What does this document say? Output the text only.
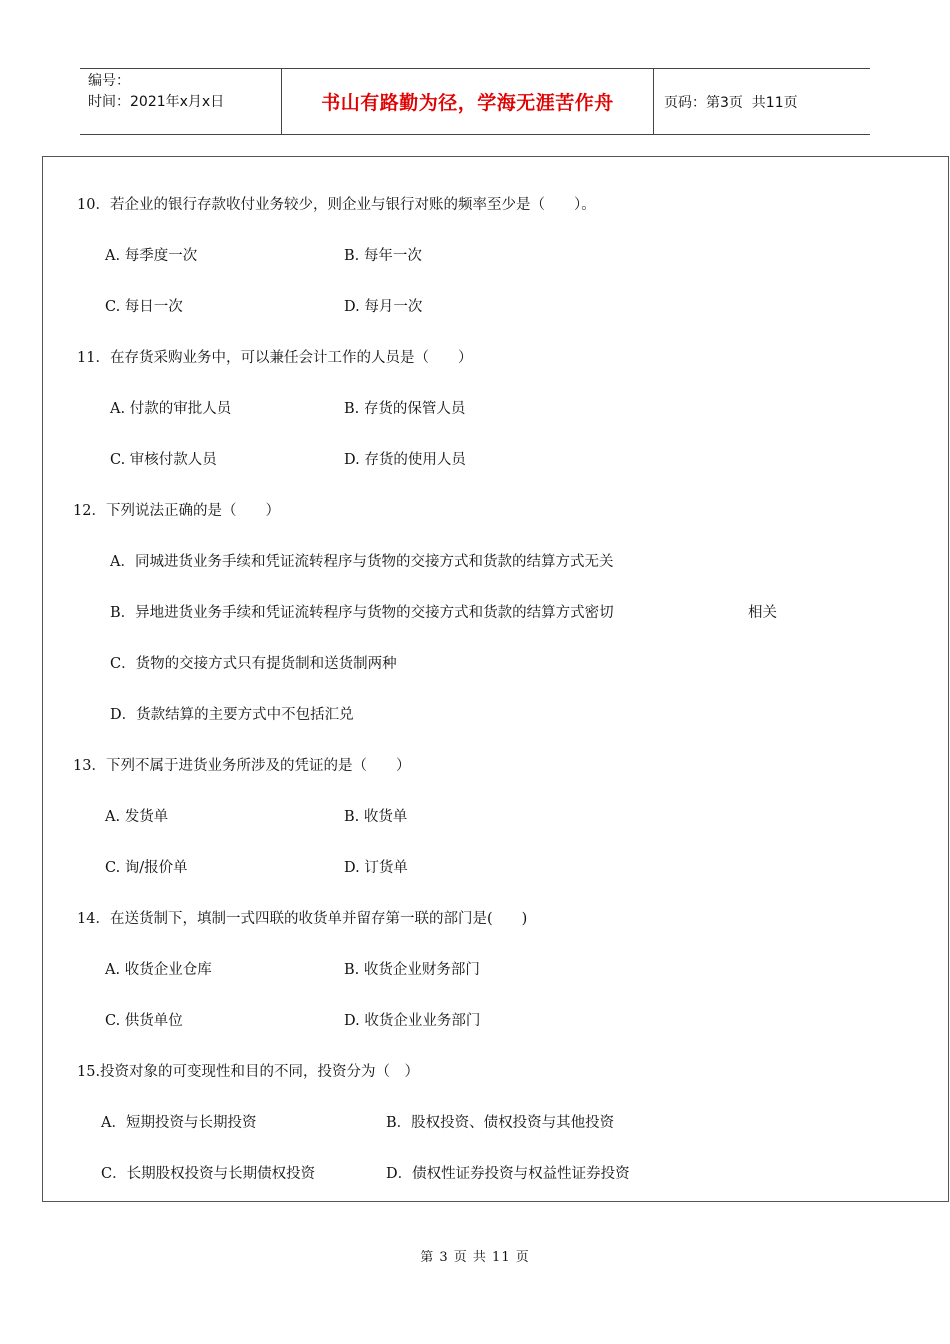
编号：
时间：2021年x月x日	书山有路勤为径，学海无涯苦作舟	页码：第3页  共11页
10．若企业的银行存款收付业务较少，则企业与银行对账的频率至少是（　　）。
A. 每季度一次	B. 每年一次
C. 每日一次	D. 每月一次
11．在存货采购业务中，可以兼任会计工作的人员是（　　）
A. 付款的审批人员	B. 存货的保管人员
C. 审核付款人员	D. 存货的使用人员
12．下列说法正确的是（　　）
A．同城进货业务手续和凭证流转程序与货物的交接方式和货款的结算方式无关
B．异地进货业务手续和凭证流转程序与货物的交接方式和货款的结算方式密切	相关
C．货物的交接方式只有提货制和送货制两种
D．货款结算的主要方式中不包括汇兑
13．下列不属于进货业务所涉及的凭证的是（　　）
A. 发货单	B. 收货单
C. 询/报价单	D. 订货单
14．在送货制下，填制一式四联的收货单并留存第一联的部门是(　　)
A. 收货企业仓库	B. 收货企业财务部门
C. 供货单位	D. 收货企业业务部门
15.投资对象的可变现性和目的不同，投资分为（　）
A．短期投资与长期投资	B．股权投资、债权投资与其他投资
C．长期股权投资与长期债权投资	D．债权性证券投资与权益性证券投资
第 3 页 共 11 页
